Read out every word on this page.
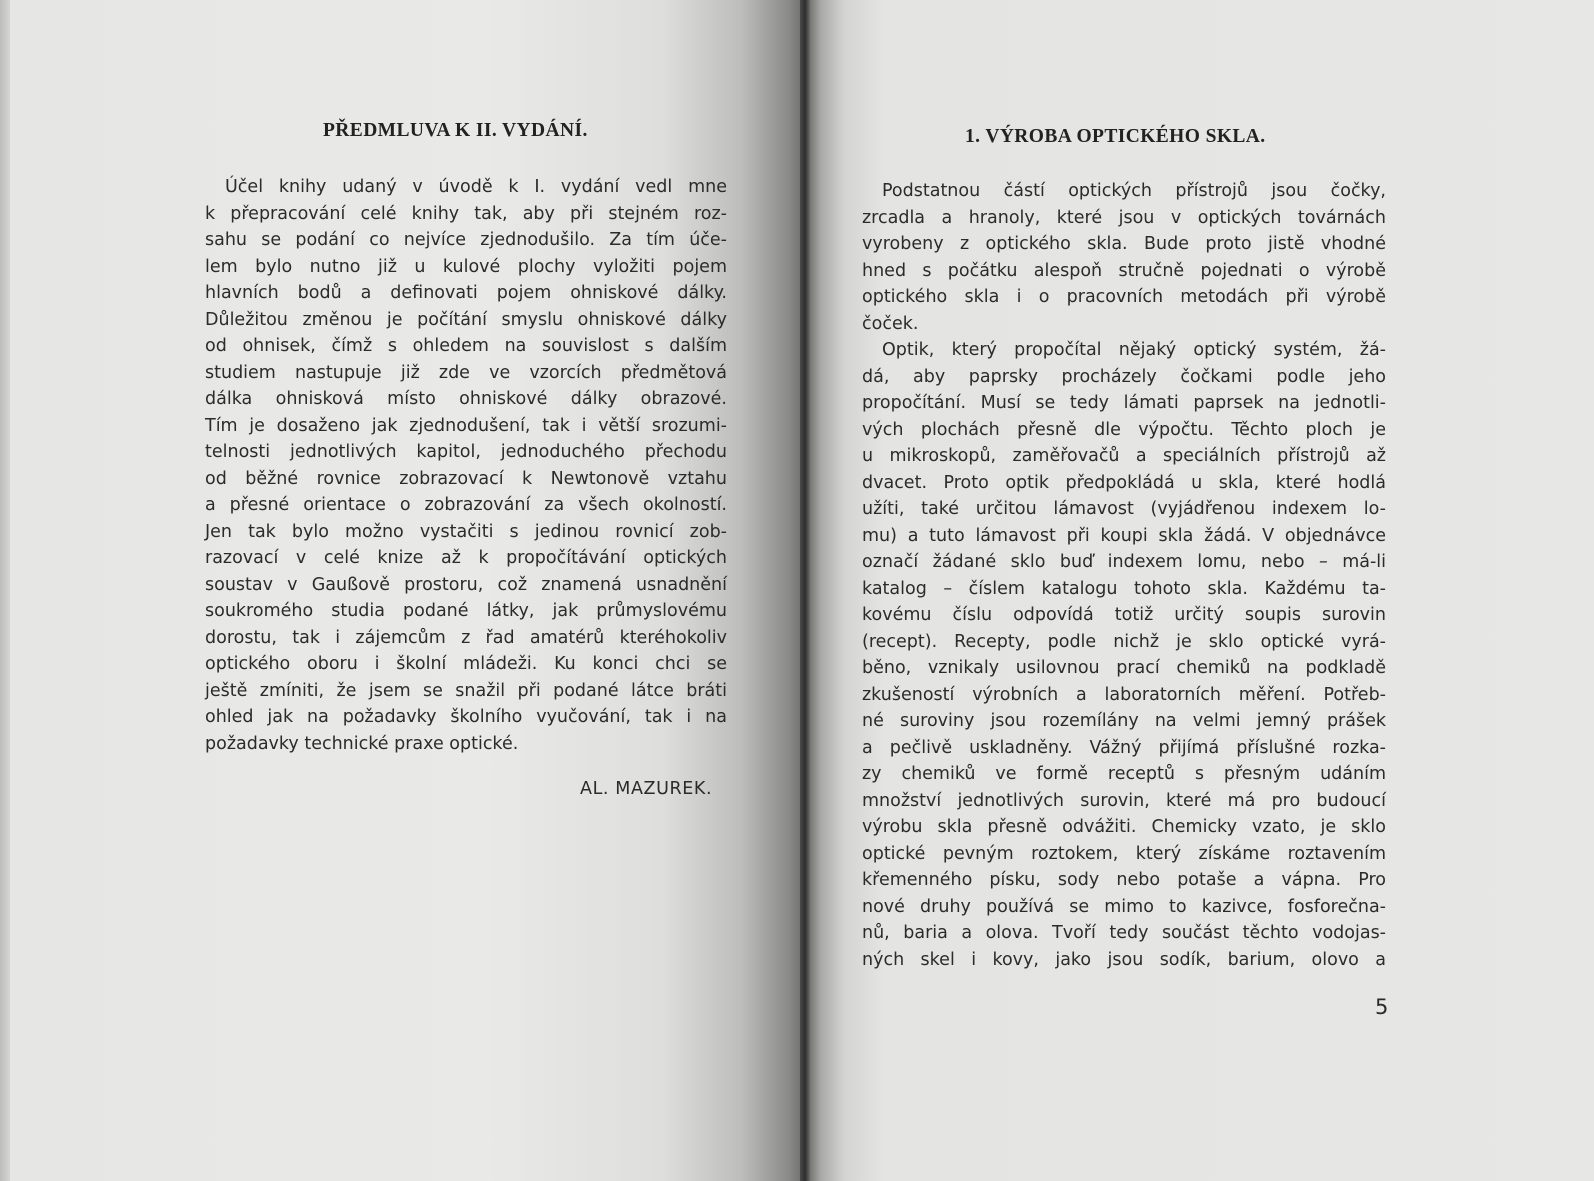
PŘEDMLUVA K II. VYDÁNÍ.
Účel knihy udaný v úvodě k I. vydání vedl mne
k přepracování celé knihy tak, aby při stejném roz-
sahu se podání co nejvíce zjednodušilo. Za tím úče-
lem bylo nutno již u kulové plochy vyložiti pojem
hlavních bodů a definovati pojem ohniskové dálky.
Důležitou změnou je počítání smyslu ohniskové dálky
od ohnisek, čímž s ohledem na souvislost s dalším
studiem nastupuje již zde ve vzorcích předmětová
dálka ohnisková místo ohniskové dálky obrazové.
Tím je dosaženo jak zjednodušení, tak i větší srozumi-
telnosti jednotlivých kapitol, jednoduchého přechodu
od běžné rovnice zobrazovací k Newtonově vztahu
a přesné orientace o zobrazování za všech okolností.
Jen tak bylo možno vystačiti s jedinou rovnicí zob-
razovací v celé knize až k propočítávání optických
soustav v Gaußově prostoru, což znamená usnadnění
soukromého studia podané látky, jak průmyslovému
dorostu, tak i zájemcům z řad amatérů kteréhokoliv
optického oboru i školní mládeži. Ku konci chci se
ještě zmíniti, že jsem se snažil při podané látce bráti
ohled jak na požadavky školního vyučování, tak i na
požadavky technické praxe optické.
AL. MAZUREK.
1. VÝROBA OPTICKÉHO SKLA.
Podstatnou částí optických přístrojů jsou čočky,
zrcadla a hranoly, které jsou v optických továrnách
vyrobeny z optického skla. Bude proto jistě vhodné
hned s počátku alespoň stručně pojednati o výrobě
optického skla i o pracovních metodách při výrobě
čoček.
Optik, který propočítal nějaký optický systém, žá-
dá, aby paprsky procházely čočkami podle jeho
propočítání. Musí se tedy lámati paprsek na jednotli-
vých plochách přesně dle výpočtu. Těchto ploch je
u mikroskopů, zaměřovačů a speciálních přístrojů až
dvacet. Proto optik předpokládá u skla, které hodlá
užíti, také určitou lámavost (vyjádřenou indexem lo-
mu) a tuto lámavost při koupi skla žádá. V objednávce
označí žádané sklo buď indexem lomu, nebo – má-li
katalog – číslem katalogu tohoto skla. Každému ta-
kovému číslu odpovídá totiž určitý soupis surovin
(recept). Recepty, podle nichž je sklo optické vyrá-
běno, vznikaly usilovnou prací chemiků na podkladě
zkušeností výrobních a laboratorních měření. Potřeb-
né suroviny jsou rozemílány na velmi jemný prášek
a pečlivě uskladněny. Vážný přijímá příslušné rozka-
zy chemiků ve formě receptů s přesným udáním
množství jednotlivých surovin, které má pro budoucí
výrobu skla přesně odvážiti. Chemicky vzato, je sklo
optické pevným roztokem, který získáme roztavením
křemenného písku, sody nebo potaše a vápna. Pro
nové druhy používá se mimo to kazivce, fosforečna-
nů, baria a olova. Tvoří tedy součást těchto vodojas-
ných skel i kovy, jako jsou sodík, barium, olovo a
5
